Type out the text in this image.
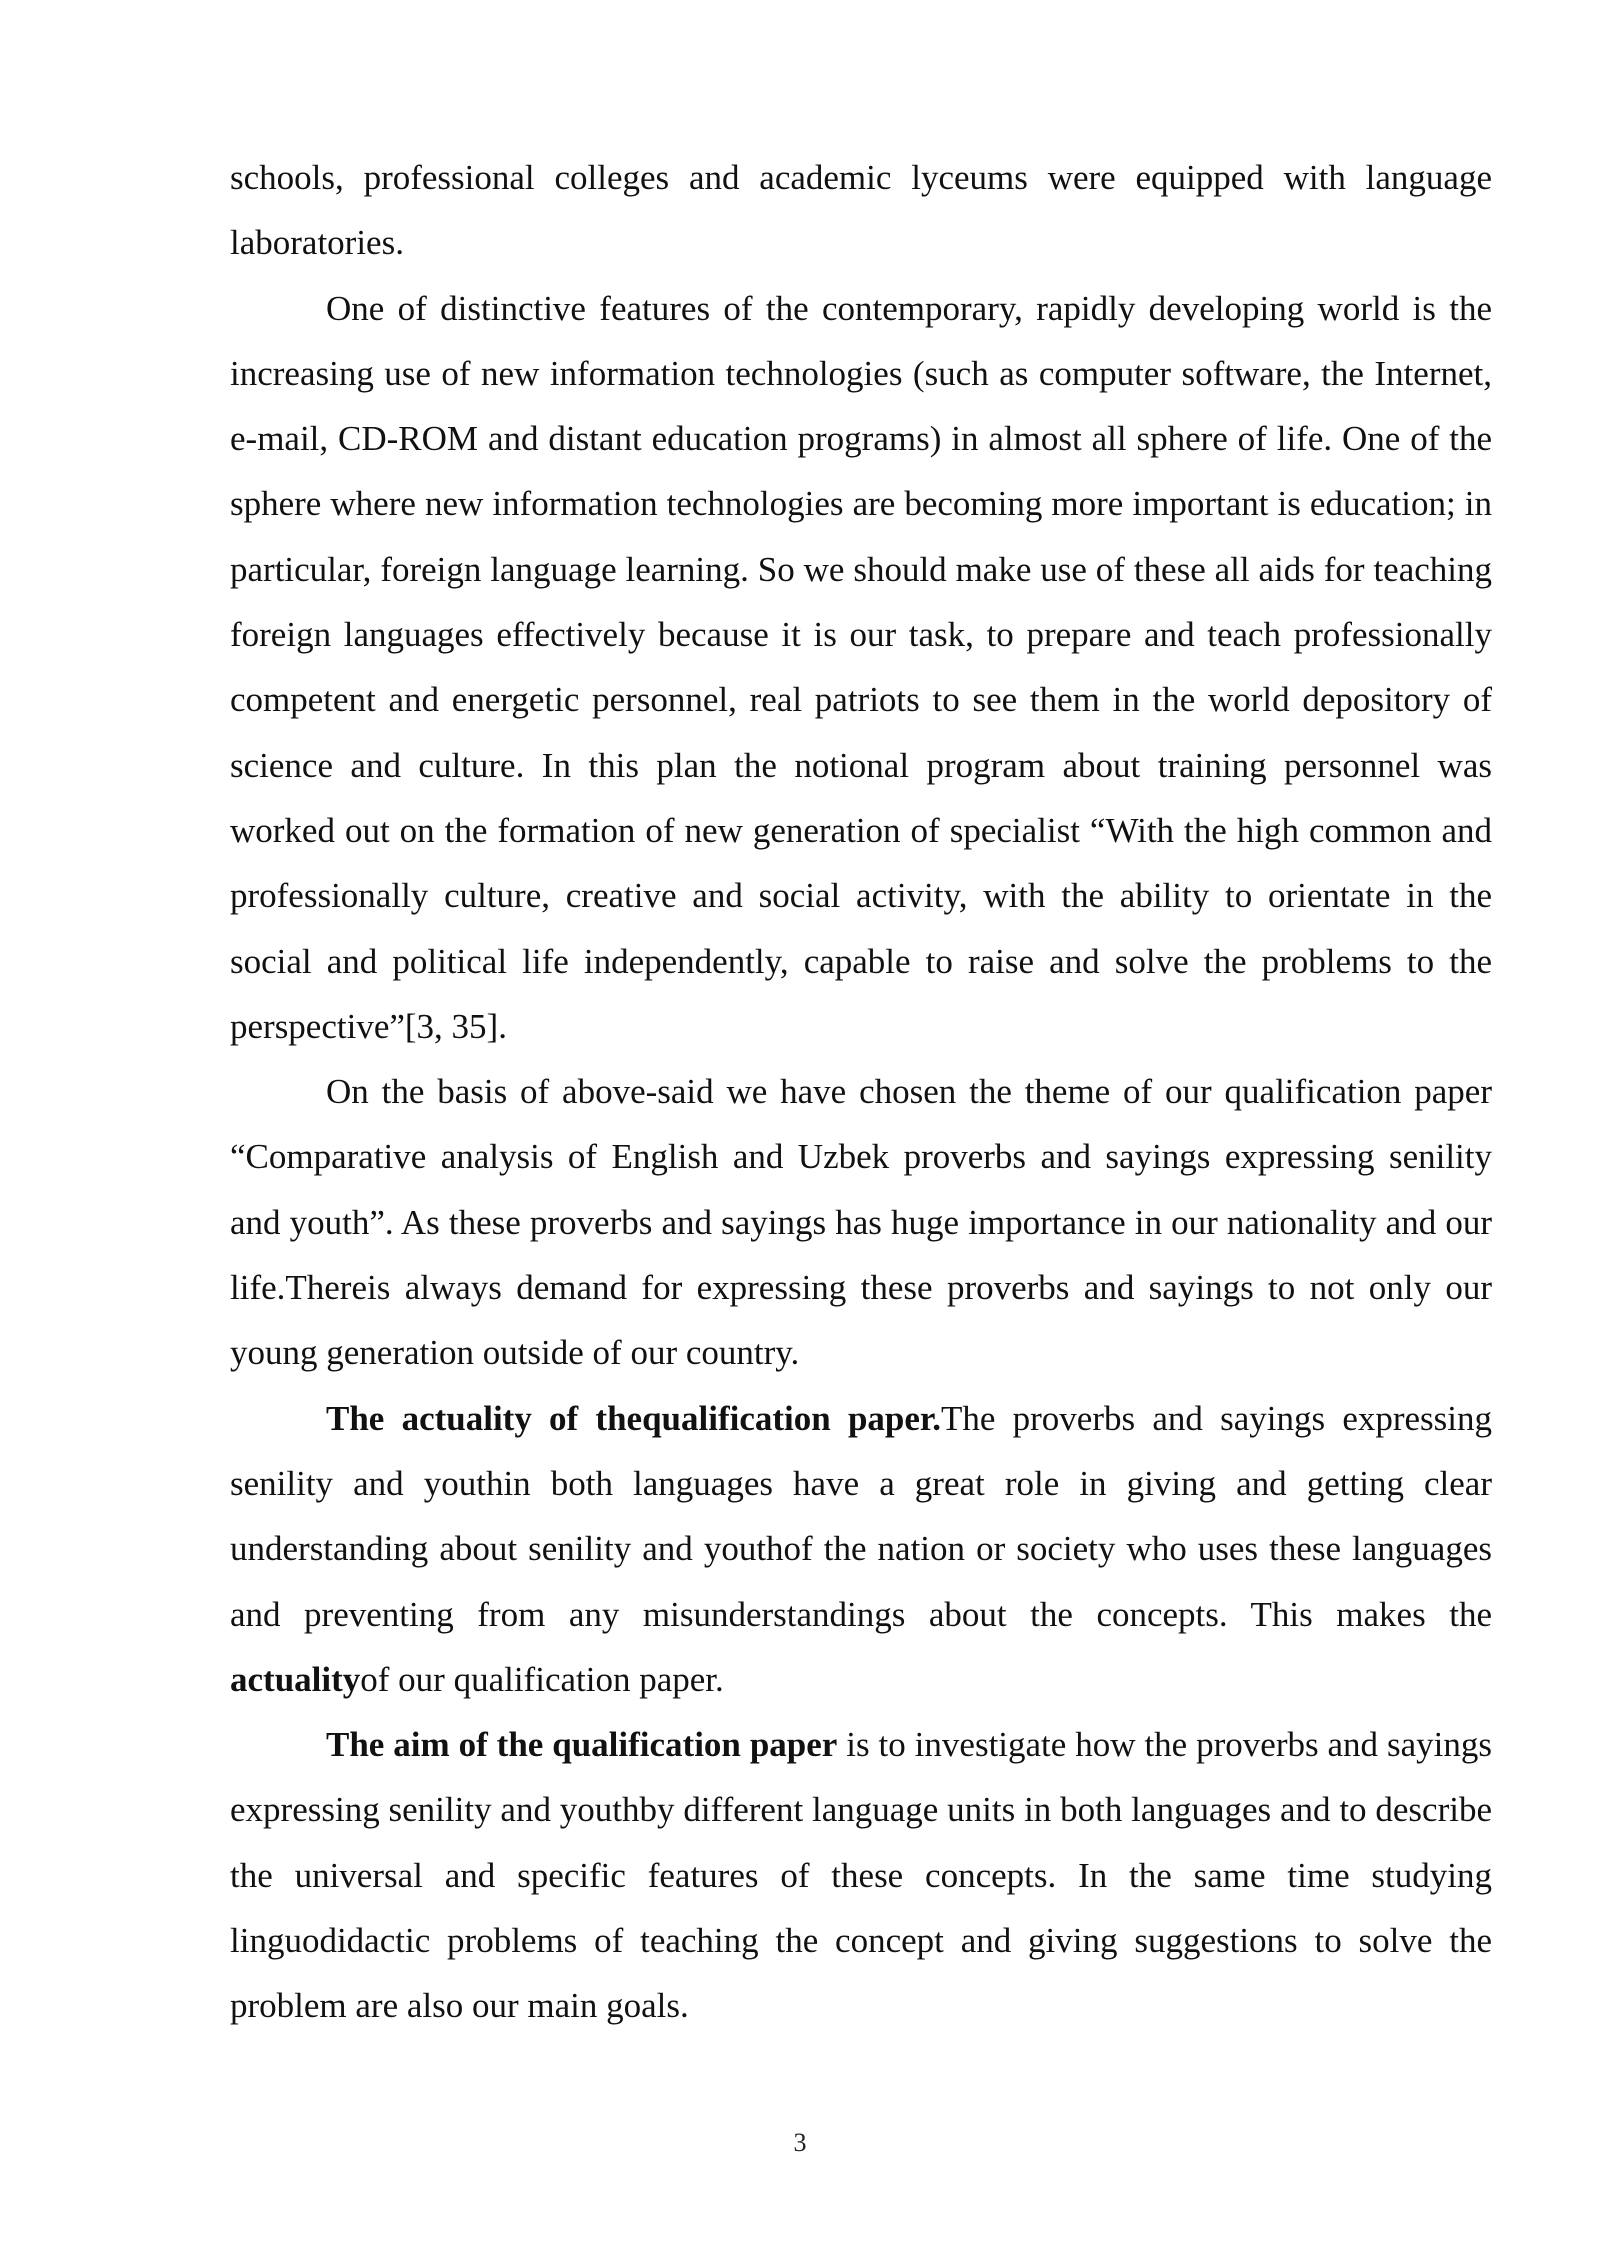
schools, professional colleges and academic lyceums were equipped with language laboratories.

One of distinctive features of the contemporary, rapidly developing world is the increasing use of new information technologies (such as computer software, the Internet, e-mail, CD-ROM and distant education programs) in almost all sphere of life. One of the sphere where new information technologies are becoming more important is education; in particular, foreign language learning. So we should make use of these all aids for teaching foreign languages effectively because it is our task, to prepare and teach professionally competent and energetic personnel, real patriots to see them in the world depository of science and culture. In this plan the notional program about training personnel was worked out on the formation of new generation of specialist “With the high common and professionally culture, creative and social activity, with the ability to orientate in the social and political life independently, capable to raise and solve the problems to the perspective”[3, 35].

On the basis of above-said we have chosen the theme of our qualification paper “Comparative analysis of English and Uzbek proverbs and sayings expressing senility and youth”. As these proverbs and sayings has huge importance in our nationality and our life.Thereis always demand for expressing these proverbs and sayings to not only our young generation outside of our country.

The actuality of thequalification paper.The proverbs and sayings expressing senility and youthin both languages have a great role in giving and getting clear understanding about senility and youthof the nation or society who uses these languages and preventing from any misunderstandings about the concepts. This makes the actualityof our qualification paper.

The aim of the qualification paper is to investigate how the proverbs and sayings expressing senility and youthby different language units in both languages and to describe the universal and specific features of these concepts. In the same time studying linguodidactic problems of teaching the concept and giving suggestions to solve the problem are also our main goals.

3
